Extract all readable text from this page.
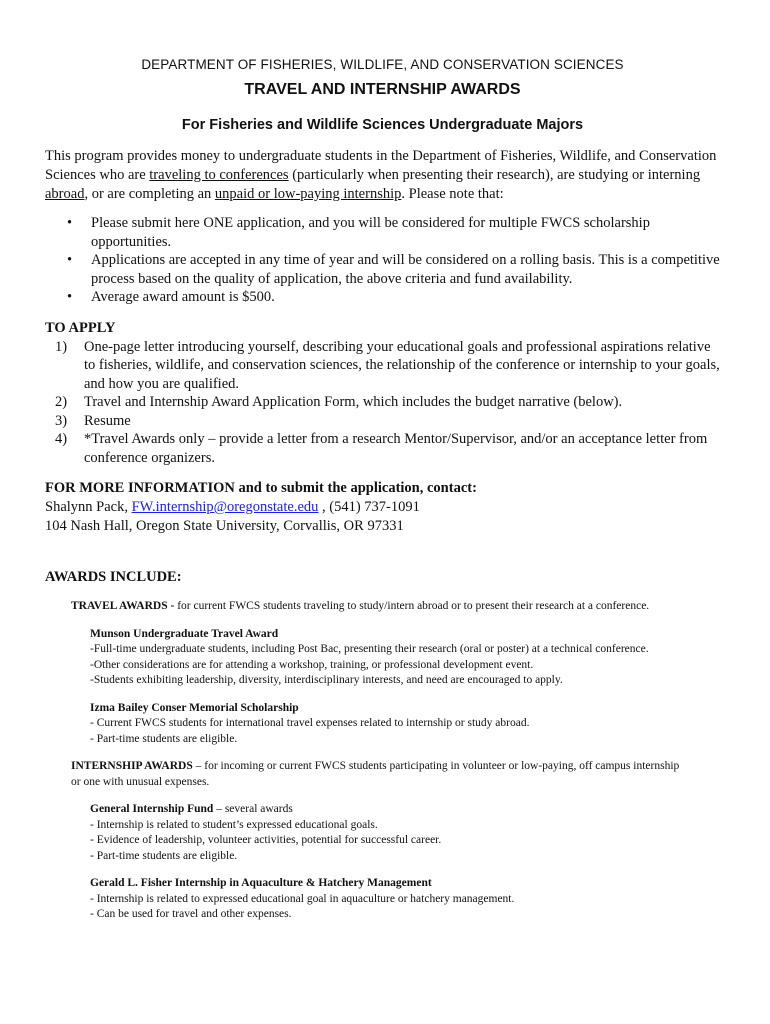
DEPARTMENT OF FISHERIES, WILDLIFE, AND CONSERVATION SCIENCES

TRAVEL AND INTERNSHIP AWARDS

For Fisheries and Wildlife Sciences Undergraduate Majors

This program provides money to undergraduate students in the Department of Fisheries, Wildlife, and Conservation Sciences who are traveling to conferences (particularly when presenting their research), are studying or interning abroad, or are completing an unpaid or low-paying internship. Please note that:

• Please submit here ONE application, and you will be considered for multiple FWCS scholarship opportunities.
• Applications are accepted in any time of year and will be considered on a rolling basis. This is a competitive process based on the quality of application, the above criteria and fund availability.
• Average award amount is $500.

TO APPLY

1) One-page letter introducing yourself, describing your educational goals and professional aspirations relative to fisheries, wildlife, and conservation sciences, the relationship of the conference or internship to your goals, and how you are qualified.
2) Travel and Internship Award Application Form, which includes the budget narrative (below).
3) Resume
4) *Travel Awards only – provide a letter from a research Mentor/Supervisor, and/or an acceptance letter from conference organizers.

FOR MORE INFORMATION and to submit the application, contact:

Shalynn Pack, FW.internship@oregonstate.edu , (541) 737-1091

104 Nash Hall, Oregon State University, Corvallis, OR 97331

AWARDS INCLUDE:

TRAVEL AWARDS - for current FWCS students traveling to study/intern abroad or to present their research at a conference.
Munson Undergraduate Travel Award
-Full-time undergraduate students, including Post Bac, presenting their research (oral or poster) at a technical conference.
-Other considerations are for attending a workshop, training, or professional development event.
-Students exhibiting leadership, diversity, interdisciplinary interests, and need are encouraged to apply.
Izma Bailey Conser Memorial Scholarship
- Current FWCS students for international travel expenses related to internship or study abroad.
- Part-time students are eligible.
INTERNSHIP AWARDS – for incoming or current FWCS students participating in volunteer or low-paying, off campus internship or one with unusual expenses.
General Internship Fund – several awards
- Internship is related to student’s expressed educational goals.
- Evidence of leadership, volunteer activities, potential for successful career.
- Part-time students are eligible.
Gerald L. Fisher Internship in Aquaculture & Hatchery Management
- Internship is related to expressed educational goal in aquaculture or hatchery management.
- Can be used for travel and other expenses.
